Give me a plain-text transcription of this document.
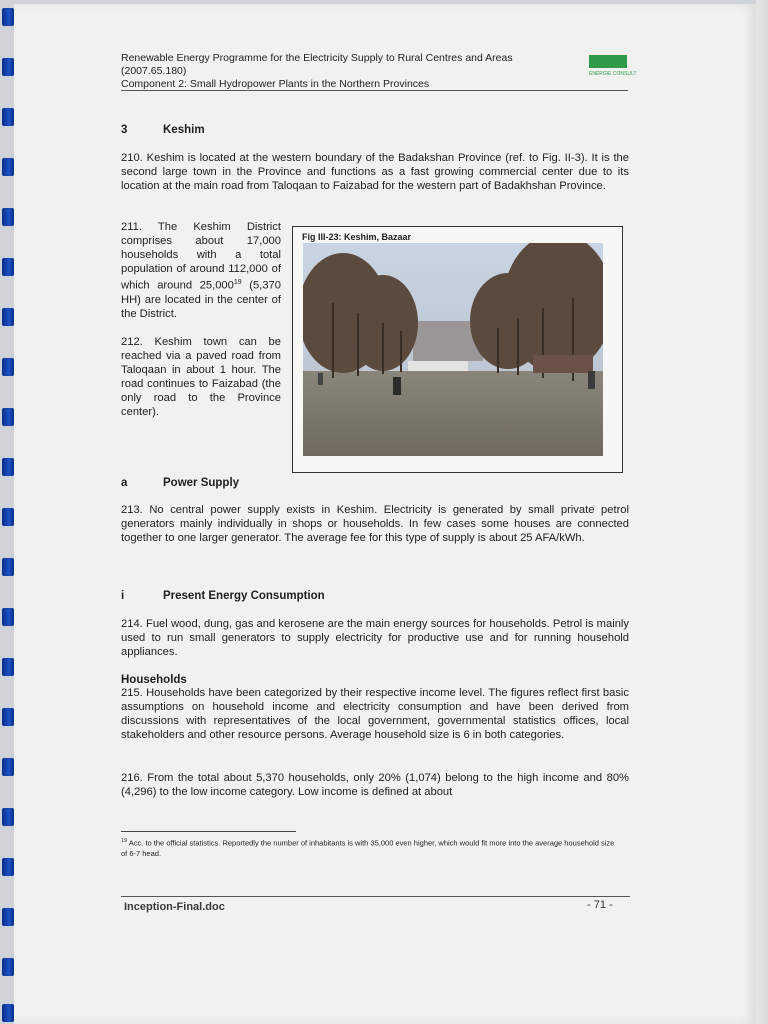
Renewable Energy Programme for the Electricity Supply to Rural Centres and Areas
(2007.65.180)
Component 2: Small Hydropower Plants in the Northern Provinces
ENERGIE CONSULT
3	Keshim

210. Keshim is located at the western boundary of the Badakshan Province (ref. to Fig. II-3). It is the second large town in the Province and functions as a fast growing commercial center due to its location at the main road from Taloqaan to Faizabad for the western part of Badakhshan Province.

211. The Keshim District comprises about 17,000 households with a total population of around 112,000 of which around 25,000$^{19}$ (5,370 HH) are located in the center of the District.

212. Keshim town can be reached via a paved road from Taloqaan in about 1 hour. The road continues to Faizabad (the only road to the Province center).

Fig III-23: Keshim, Bazaar
a	Power Supply

213. No central power supply exists in Keshim. Electricity is generated by small private petrol generators mainly individually in shops or households. In few cases some houses are connected together to one larger generator. The average fee for this type of supply is about 25 AFA/kWh.

i	Present Energy Consumption

214. Fuel wood, dung, gas and kerosene are the main energy sources for households. Petrol is mainly used to run small generators to supply electricity for productive use and for running household appliances.

Households

215. Households have been categorized by their respective income level. The figures reflect first basic assumptions on household income and electricity consumption and have been derived from discussions with representatives of the local government, governmental statistics offices, local stakeholders and other resource persons. Average household size is 6 in both categories.

216. From the total about 5,370 households, only 20% (1,074) belong to the high income and 80% (4,296) to the low income category. Low income is defined at about

$^{19}$ Acc. to the official statistics. Reportedly the number of inhabitants is with 35,000 even higher, which would fit more into the average household size of 6-7 head.
Inception-Final.doc	- 71 -
